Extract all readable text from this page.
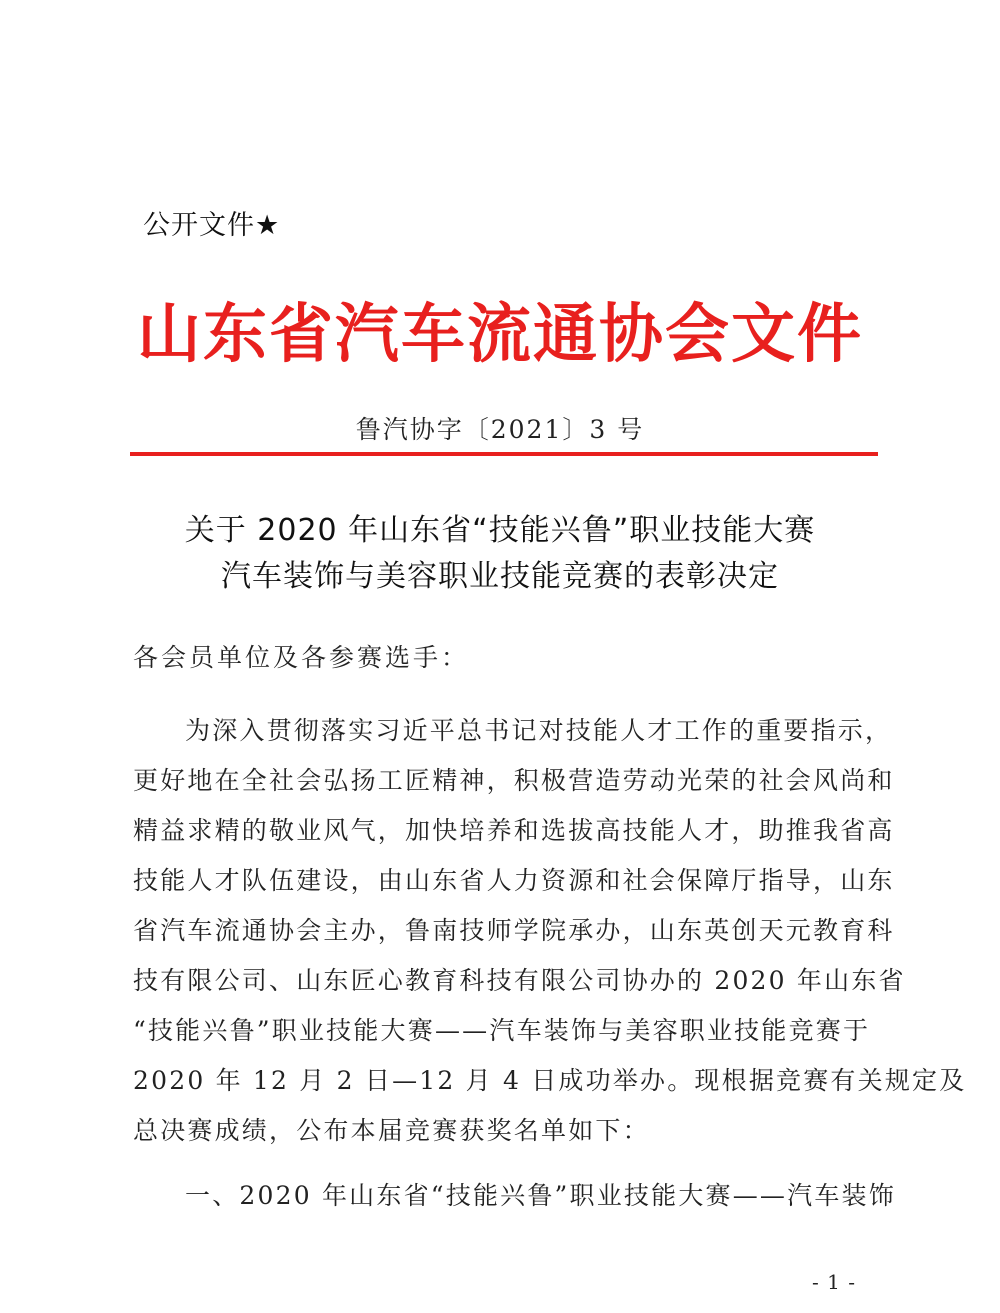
公开文件★
山东省汽车流通协会文件
鲁汽协字〔2021〕3 号
关于 2020 年山东省“技能兴鲁”职业技能大赛
汽车装饰与美容职业技能竞赛的表彰决定
各会员单位及各参赛选手：
为深入贯彻落实习近平总书记对技能人才工作的重要指示，
更好地在全社会弘扬工匠精神，积极营造劳动光荣的社会风尚和
精益求精的敬业风气，加快培养和选拔高技能人才，助推我省高
技能人才队伍建设，由山东省人力资源和社会保障厅指导，山东
省汽车流通协会主办，鲁南技师学院承办，山东英创天元教育科
技有限公司、山东匠心教育科技有限公司协办的 2020 年山东省
“技能兴鲁”职业技能大赛——汽车装饰与美容职业技能竞赛于
2020 年 12 月 2 日—12 月 4 日成功举办。现根据竞赛有关规定及
总决赛成绩，公布本届竞赛获奖名单如下：
一、2020 年山东省“技能兴鲁”职业技能大赛——汽车装饰
- 1 -
